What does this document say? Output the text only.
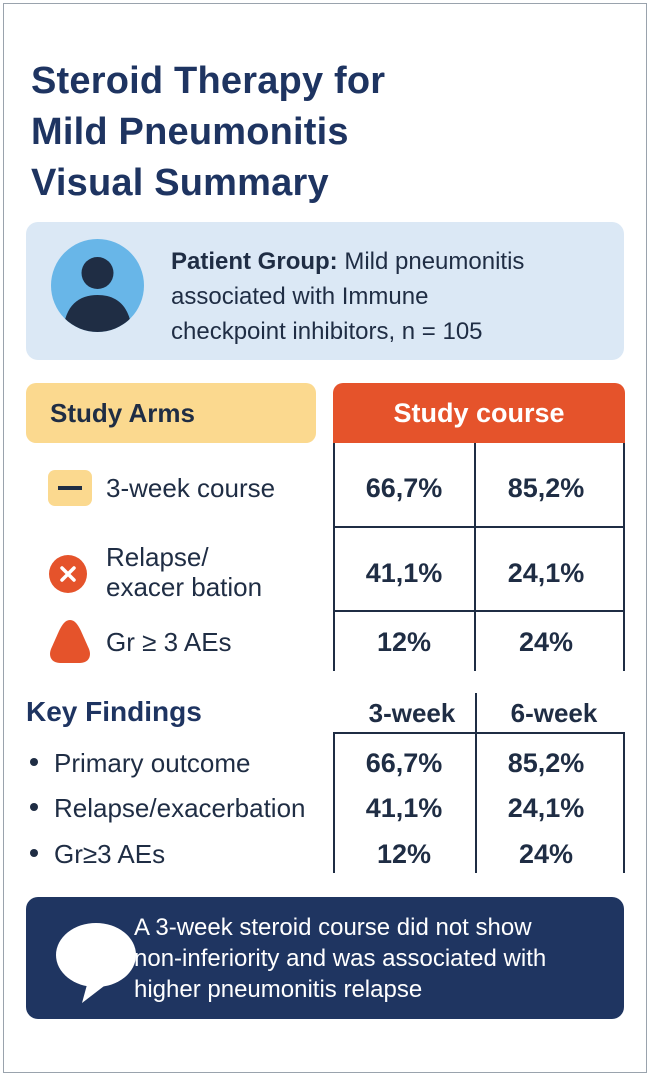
Steroid Therapy for
Mild Pneumonitis
Visual Summary
Patient Group: Mild pneumonitis
associated with Immune
checkpoint inhibitors, n = 105
Study Arms	Study course
3-week course	66,7%	85,2%
Relapse/
exacer bation	41,1%	24,1%
Gr ≥ 3 AEs	12%	24%
Key Findings	3-week	6-week
Primary outcome	66,7%	85,2%
Relapse/exacerbation	41,1%	24,1%
Gr≥3 AEs	12%	24%
A 3-week steroid course did not show
non-inferiority and was associated with
higher pneumonitis relapse
